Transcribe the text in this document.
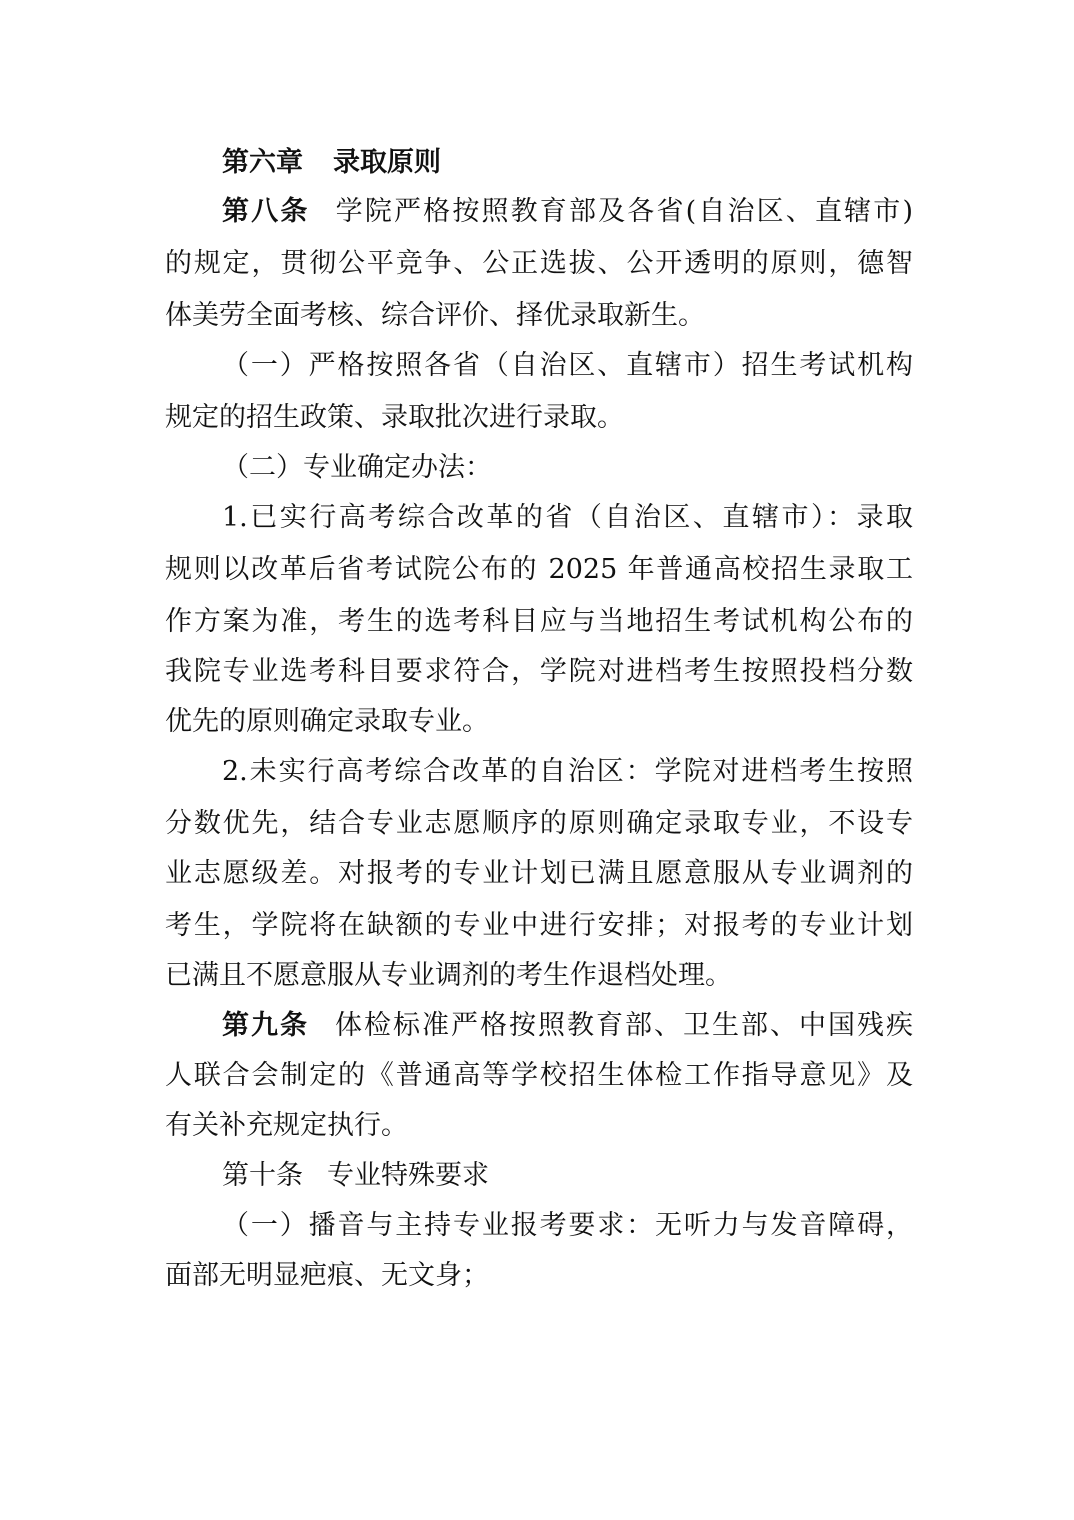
第六章 录取原则
第八条 学院严格按照教育部及各省(自治区、直辖市)
的规定，贯彻公平竞争、公正选拔、公开透明的原则，德智
体美劳全面考核、综合评价、择优录取新生。
（一）严格按照各省（自治区、直辖市）招生考试机构
规定的招生政策、录取批次进行录取。
（二）专业确定办法：
1.已实行高考综合改革的省（自治区、直辖市）：录取
规则以改革后省考试院公布的 2025 年普通高校招生录取工
作方案为准，考生的选考科目应与当地招生考试机构公布的
我院专业选考科目要求符合，学院对进档考生按照投档分数
优先的原则确定录取专业。
2.未实行高考综合改革的自治区：学院对进档考生按照
分数优先，结合专业志愿顺序的原则确定录取专业，不设专
业志愿级差。对报考的专业计划已满且愿意服从专业调剂的
考生，学院将在缺额的专业中进行安排；对报考的专业计划
已满且不愿意服从专业调剂的考生作退档处理。
第九条 体检标准严格按照教育部、卫生部、中国残疾
人联合会制定的《普通高等学校招生体检工作指导意见》及
有关补充规定执行。
第十条 专业特殊要求
（一）播音与主持专业报考要求：无听力与发音障碍，
面部无明显疤痕、无文身；
